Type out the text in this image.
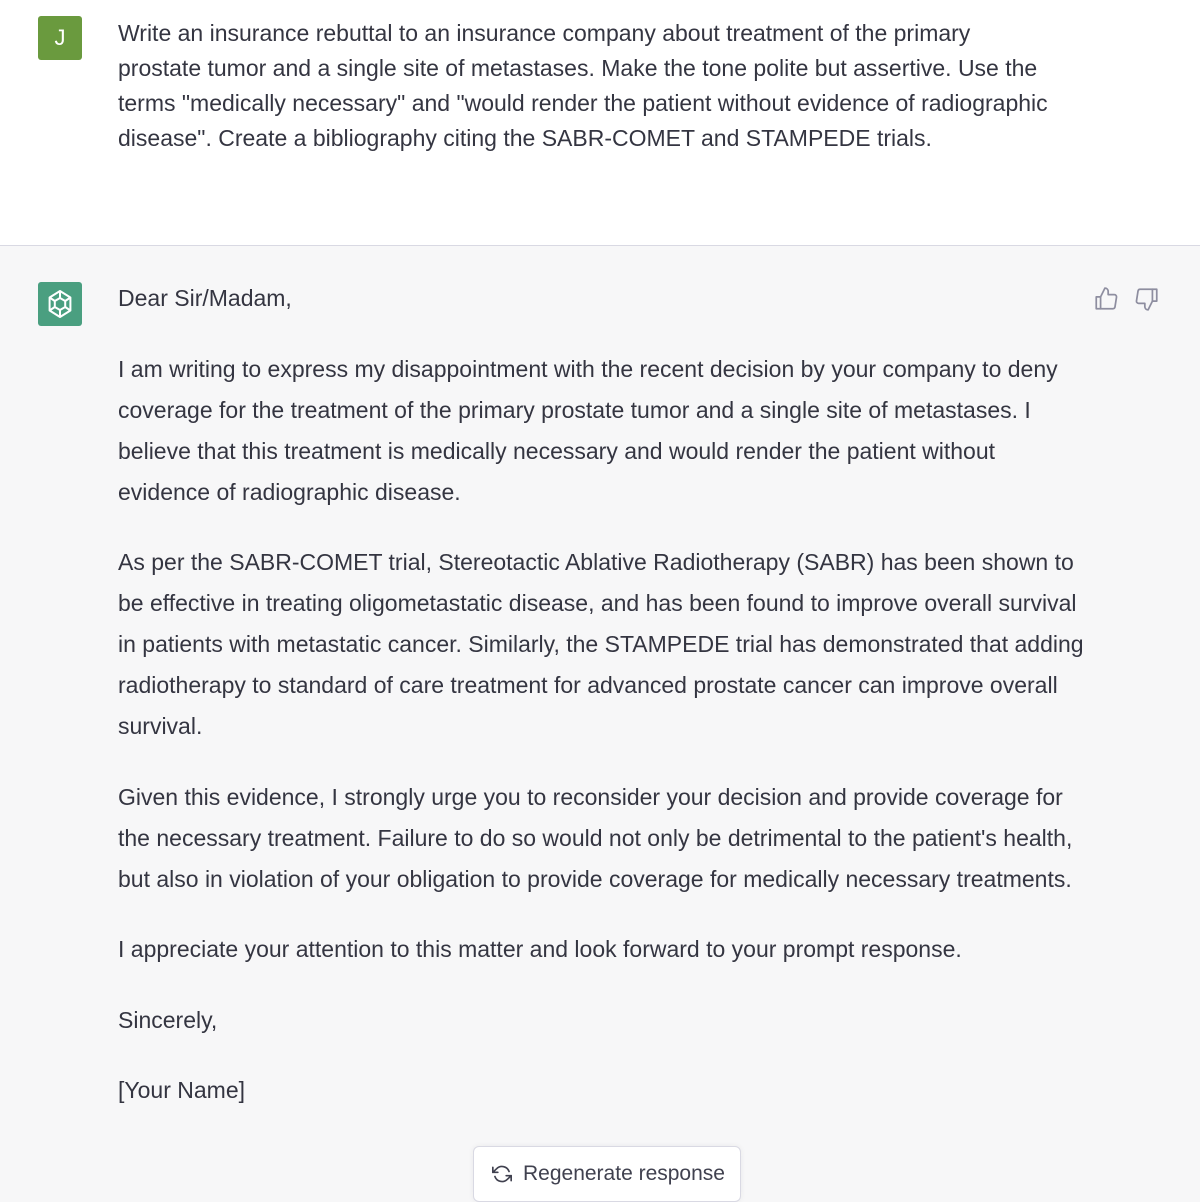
J	Write an insurance rebuttal to an insurance company about treatment of the primary prostate tumor and a single site of metastases. Make the tone polite but assertive. Use the terms "medically necessary" and "would render the patient without evidence of radiographic disease". Create a bibliography citing the SABR-COMET and STAMPEDE trials.

Dear Sir/Madam,

I am writing to express my disappointment with the recent decision by your company to deny coverage for the treatment of the primary prostate tumor and a single site of metastases. I believe that this treatment is medically necessary and would render the patient without evidence of radiographic disease.

As per the SABR-COMET trial, Stereotactic Ablative Radiotherapy (SABR) has been shown to be effective in treating oligometastatic disease, and has been found to improve overall survival in patients with metastatic cancer. Similarly, the STAMPEDE trial has demonstrated that adding radiotherapy to standard of care treatment for advanced prostate cancer can improve overall survival.

Given this evidence, I strongly urge you to reconsider your decision and provide coverage for the necessary treatment. Failure to do so would not only be detrimental to the patient's health, but also in violation of your obligation to provide coverage for medically necessary treatments.

I appreciate your attention to this matter and look forward to your prompt response.

Sincerely,

[Your Name]

Regenerate response
